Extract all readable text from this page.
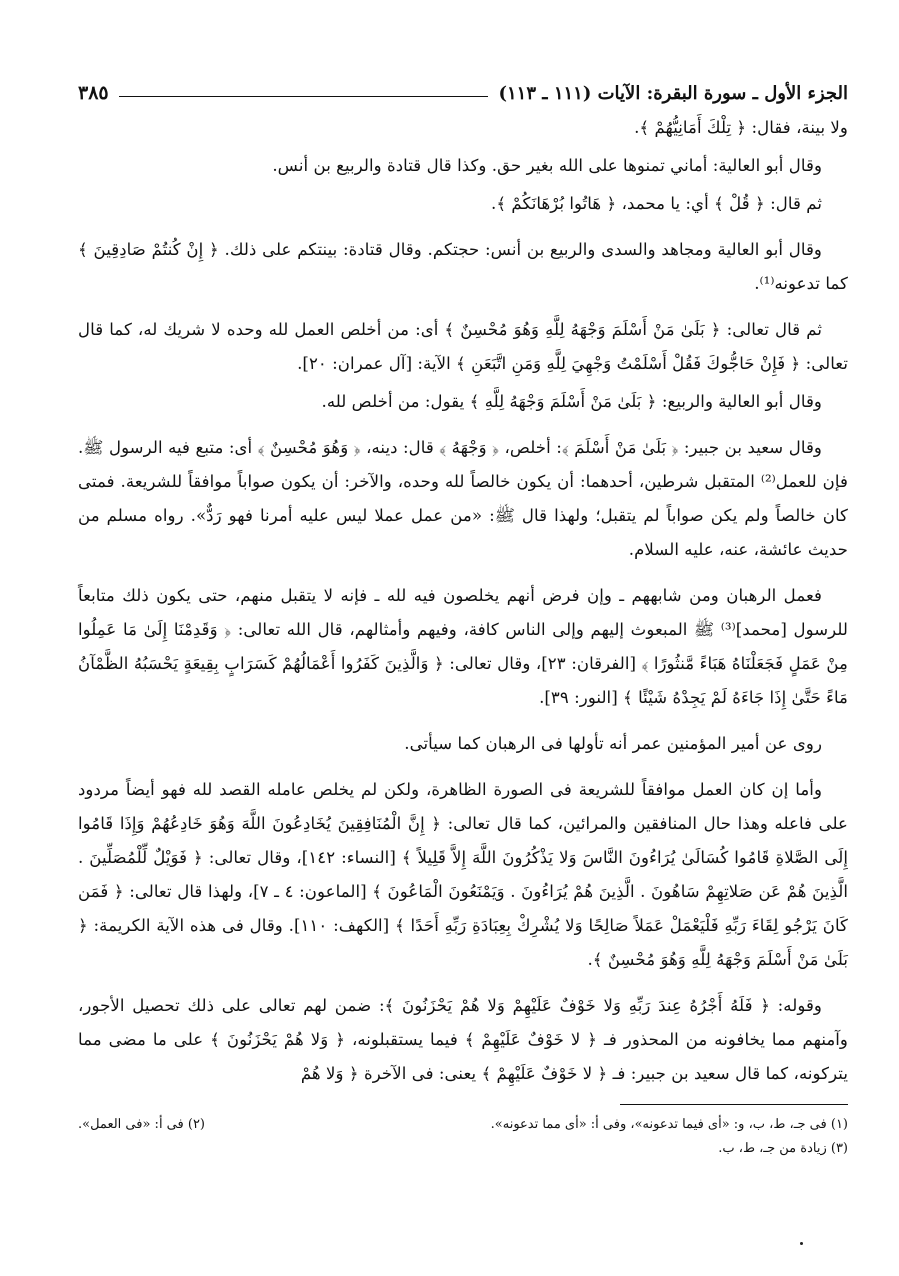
الجزء الأول ـ سورة البقرة: الآيات (١١١ ـ ١١٣)
٣٨٥

ولا بينة، فقال: ﴿ تِلْكَ أَمَانِيُّهُمْ ﴾.

وقال أبو العالية: أماني تمنوها على الله بغير حق. وكذا قال قتادة والربيع بن أنس.

ثم قال: ﴿ قُلْ ﴾ أي: يا محمد، ﴿ هَاتُوا بُرْهَانَكُمْ ﴾.

وقال أبو العالية ومجاهد والسدى والربيع بن أنس: حجتكم. وقال قتادة: بينتكم على ذلك. ﴿ إِنْ كُنتُمْ صَادِقِينَ ﴾ كما تدعونه⁽¹⁾.

ثم قال تعالى: ﴿ بَلَىٰ مَنْ أَسْلَمَ وَجْهَهُ لِلَّهِ وَهُوَ مُحْسِنٌ ﴾ أى: من أخلص العمل لله وحده لا شريك له، كما قال تعالى: ﴿ فَإِنْ حَاجُّوكَ فَقُلْ أَسْلَمْتُ وَجْهِيَ لِلَّهِ وَمَنِ اتَّبَعَنِ ﴾ الآية: [آل عمران: ٢٠].

وقال أبو العالية والربيع: ﴿ بَلَىٰ مَنْ أَسْلَمَ وَجْهَهُ لِلَّهِ ﴾ يقول: من أخلص لله.

وقال سعيد بن جبير: ﴿ بَلَىٰ مَنْ أَسْلَمَ ﴾: أخلص، ﴿ وَجْهَهُ ﴾ قال: دينه، ﴿ وَهُوَ مُحْسِنٌ ﴾ أى: متبع فيه الرسول ﷺ. فإن للعمل⁽²⁾ المتقبل شرطين، أحدهما: أن يكون خالصاً لله وحده، والآخر: أن يكون صواباً موافقاً للشريعة. فمتى كان خالصاً ولم يكن صواباً لم يتقبل؛ ولهذا قال ﷺ: «من عمل عملا ليس عليه أمرنا فهو رَدٌّ». رواه مسلم من حديث عائشة، عنه، عليه السلام.

فعمل الرهبان ومن شابههم ـ وإن فرض أنهم يخلصون فيه لله ـ فإنه لا يتقبل منهم، حتى يكون ذلك متابعاً للرسول [محمد]⁽³⁾ ﷺ المبعوث إليهم وإلى الناس كافة، وفيهم وأمثالهم، قال الله تعالى: ﴿ وَقَدِمْنَا إِلَىٰ مَا عَمِلُوا مِنْ عَمَلٍ فَجَعَلْنَاهُ هَبَاءً مَّنثُورًا ﴾ [الفرقان: ٢٣]، وقال تعالى: ﴿ وَالَّذِينَ كَفَرُوا أَعْمَالُهُمْ كَسَرَابٍ بِقِيعَةٍ يَحْسَبُهُ الظَّمْآنُ مَاءً حَتَّىٰ إِذَا جَاءَهُ لَمْ يَجِدْهُ شَيْئًا ﴾ [النور: ٣٩].

روى عن أمير المؤمنين عمر أنه تأولها فى الرهبان كما سيأتى.

وأما إن كان العمل موافقاً للشريعة فى الصورة الظاهرة، ولكن لم يخلص عامله القصد لله فهو أيضاً مردود على فاعله وهذا حال المنافقين والمرائين، كما قال تعالى: ﴿ إِنَّ الْمُنَافِقِينَ يُخَادِعُونَ اللَّهَ وَهُوَ خَادِعُهُمْ وَإِذَا قَامُوا إِلَى الصَّلاةِ قَامُوا كُسَالَىٰ يُرَاءُونَ النَّاسَ وَلا يَذْكُرُونَ اللَّهَ إِلاَّ قَلِيلاً ﴾ [النساء: ١٤٢]، وقال تعالى: ﴿ فَوَيْلٌ لِّلْمُصَلِّينَ . الَّذِينَ هُمْ عَن صَلاتِهِمْ سَاهُونَ . الَّذِينَ هُمْ يُرَاءُونَ . وَيَمْنَعُونَ الْمَاعُونَ ﴾ [الماعون: ٤ ـ ٧]، ولهذا قال تعالى: ﴿ فَمَن كَانَ يَرْجُو لِقَاءَ رَبِّهِ فَلْيَعْمَلْ عَمَلاً صَالِحًا وَلا يُشْرِكْ بِعِبَادَةِ رَبِّهِ أَحَدًا ﴾ [الكهف: ١١٠]. وقال فى هذه الآية الكريمة: ﴿ بَلَىٰ مَنْ أَسْلَمَ وَجْهَهُ لِلَّهِ وَهُوَ مُحْسِنٌ ﴾.

وقوله: ﴿ فَلَهُ أَجْرُهُ عِندَ رَبِّهِ وَلا خَوْفٌ عَلَيْهِمْ وَلا هُمْ يَحْزَنُونَ ﴾: ضمن لهم تعالى على ذلك تحصيل الأجور، وآمنهم مما يخافونه من المحذور فـ ﴿ لا خَوْفٌ عَلَيْهِمْ ﴾ فيما يستقبلونه، ﴿ وَلا هُمْ يَحْزَنُونَ ﴾ على ما مضى مما يتركونه، كما قال سعيد بن جبير: فـ ﴿ لا خَوْفٌ عَلَيْهِمْ ﴾ يعنى: فى الآخرة ﴿ وَلا هُمْ

(١) فى جـ، ط، ب، و: «أى فيما تدعونه»، وفى أ: «أى مما تدعونه».
(٢) فى أ: «فى العمل».
(٣) زيادة من جـ، ط، ب.
